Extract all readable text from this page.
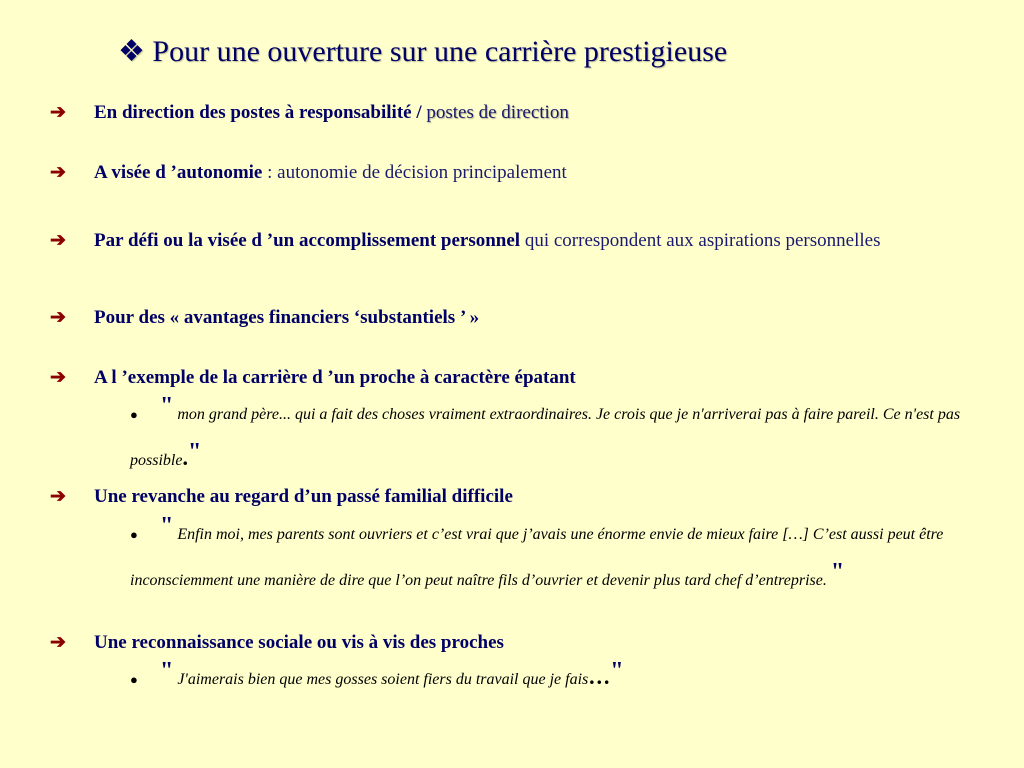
❖ Pour une ouverture sur une carrière prestigieuse
➔ En direction des postes à responsabilité / postes de direction
➔ A visée d ’autonomie : autonomie de décision principalement
➔ Par défi ou la visée d ’un accomplissement personnel qui correspondent aux aspirations personnelles
➔ Pour des « avantages financiers ‘substantiels ’ »
➔ A l ’exemple de la carrière d ’un proche à caractère épatant
● " mon grand père... qui a fait des choses vraiment extraordinaires. Je crois que je n'arriverai pas à faire pareil. Ce n'est pas possible."
➔ Une revanche au regard d’un passé familial difficile
● " Enfin moi, mes parents sont ouvriers et c’est vrai que j’avais une énorme envie de mieux faire […] C’est aussi peut être inconsciemment une manière de dire que l’on peut naître fils d’ouvrier et devenir plus tard chef d’entreprise. "
➔ Une reconnaissance sociale ou vis à vis des proches
● " J'aimerais bien que mes gosses soient fiers du travail que je fais…"
